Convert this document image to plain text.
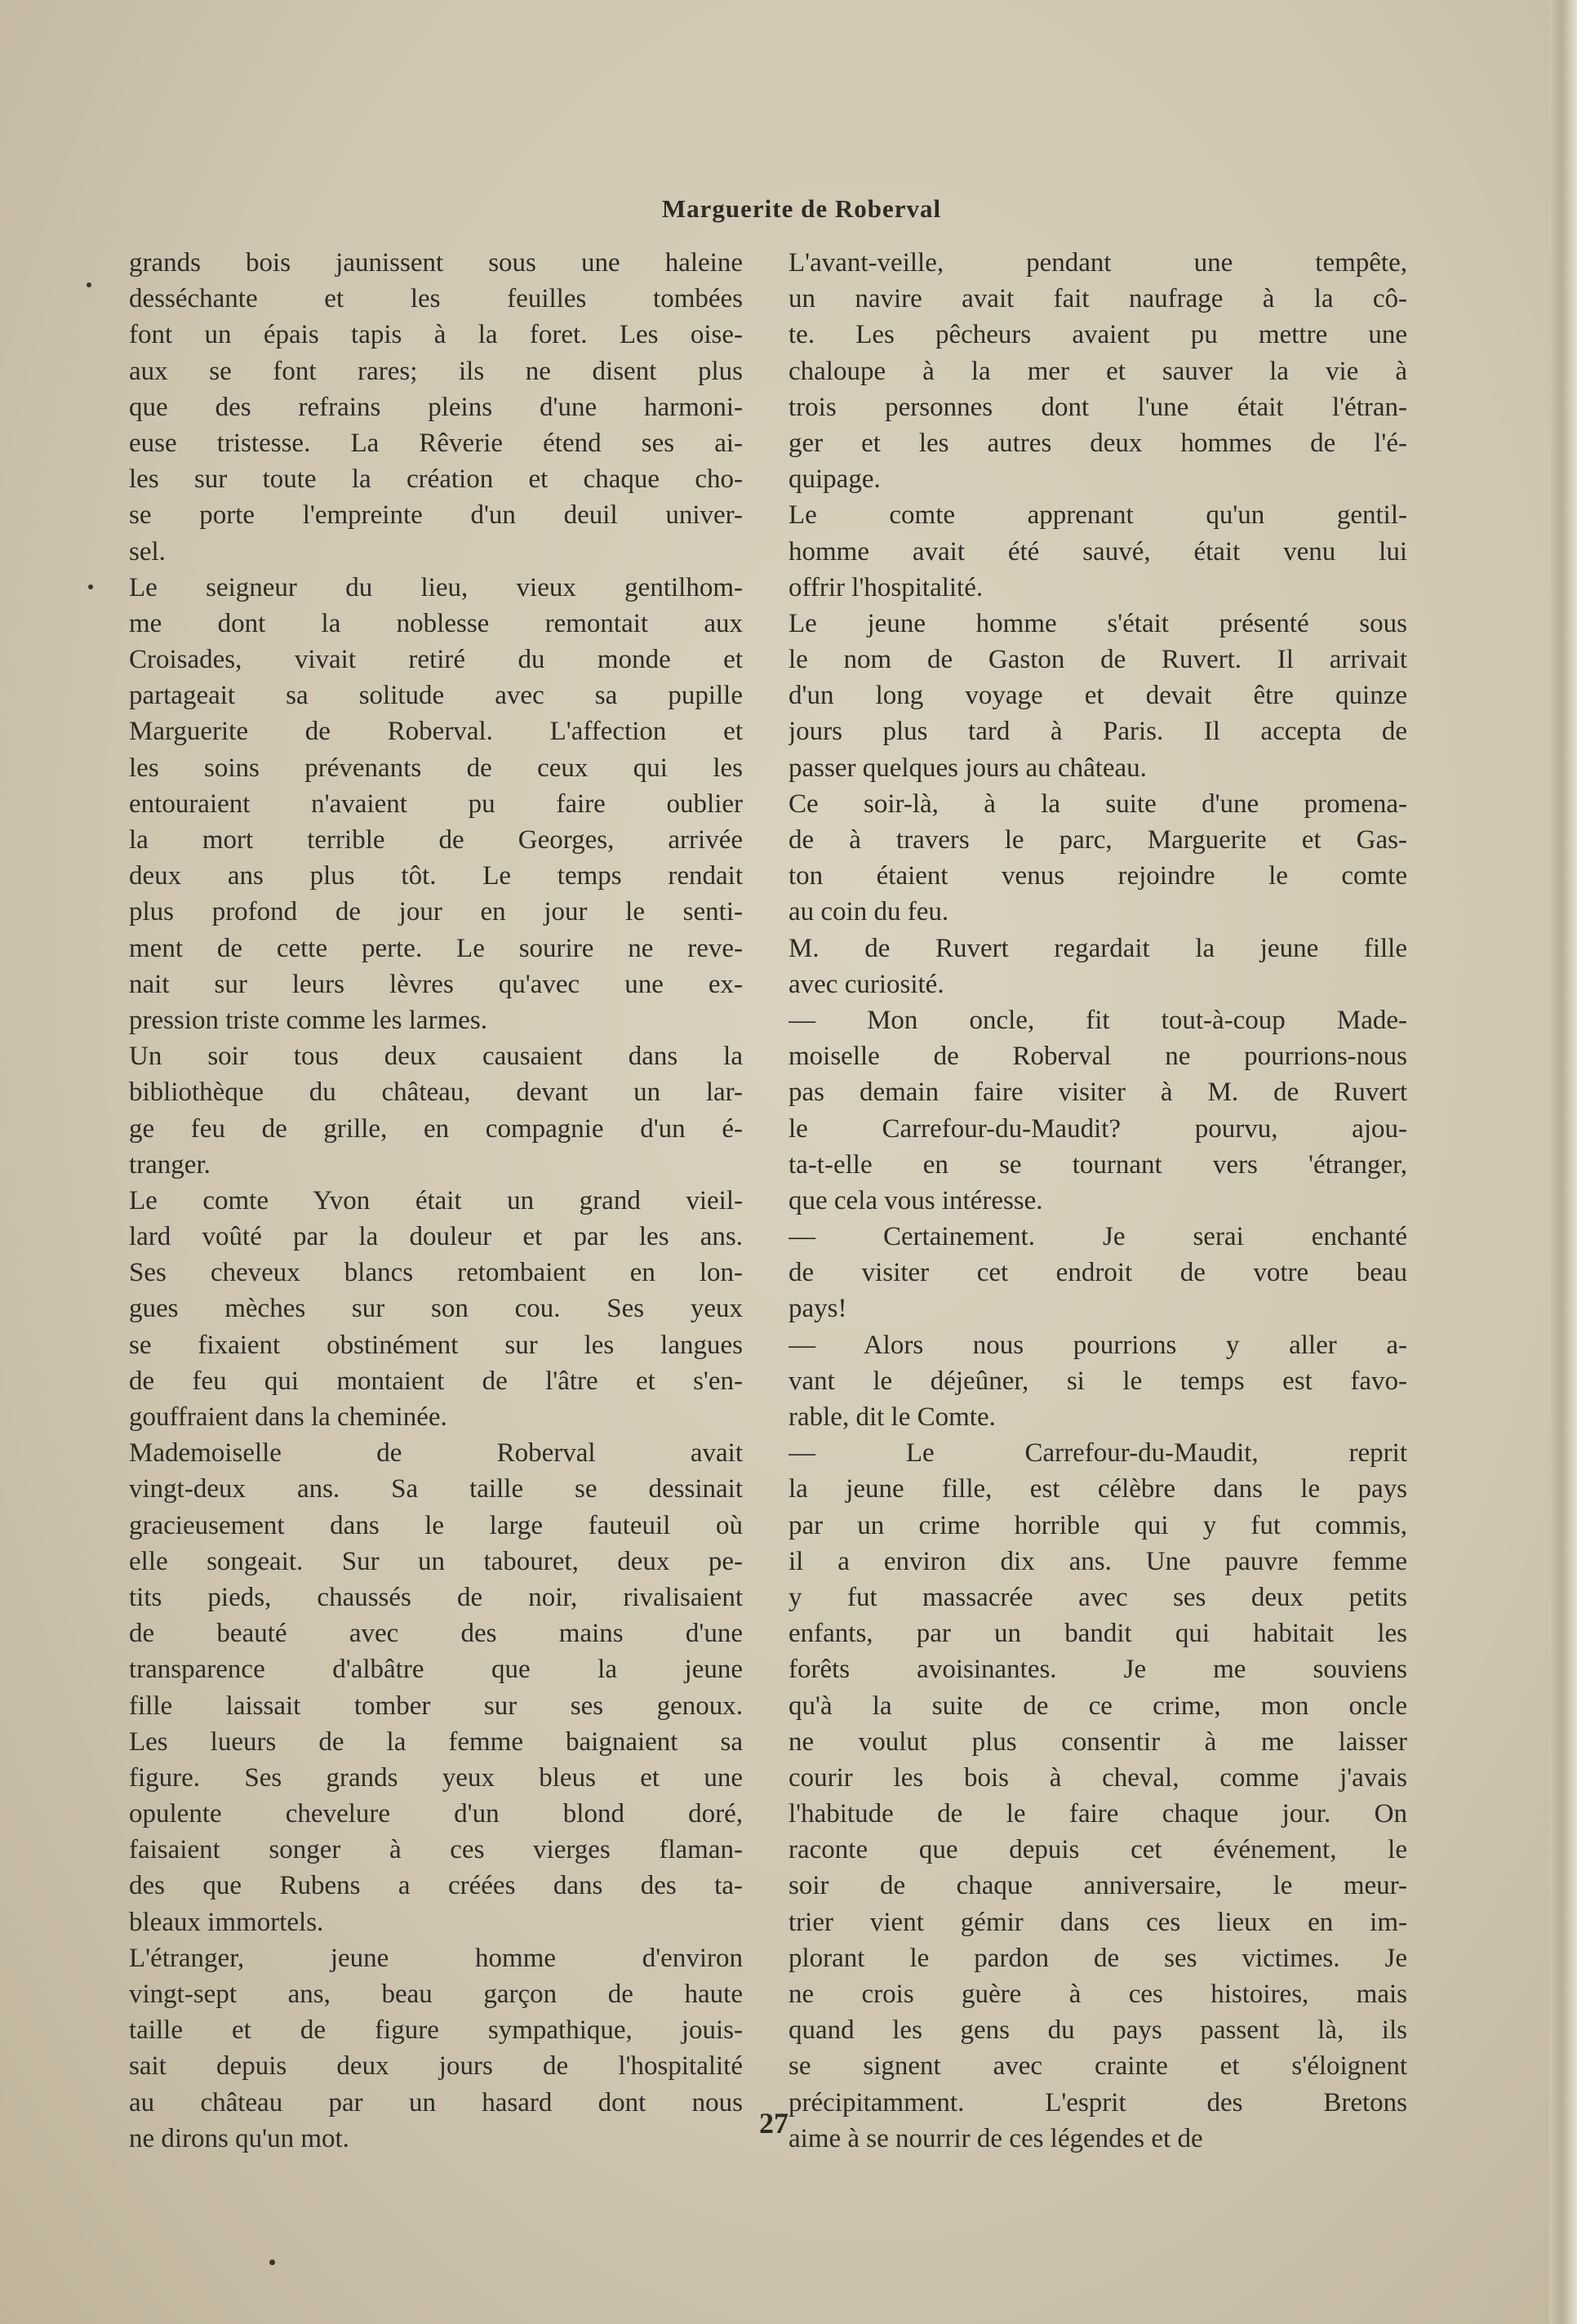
Marguerite de Roberval
grands bois jaunissent sous une haleine
desséchante et les feuilles tombées
font un épais tapis à la foret. Les oise-
aux se font rares; ils ne disent plus
que des refrains pleins d'une harmoni-
euse tristesse. La Rêverie étend ses ai-
les sur toute la création et chaque cho-
se porte l'empreinte d'un deuil univer-
sel.
Le seigneur du lieu, vieux gentilhom-
me dont la noblesse remontait aux
Croisades, vivait retiré du monde et
partageait sa solitude avec sa pupille
Marguerite de Roberval. L'affection et
les soins prévenants de ceux qui les
entouraient n'avaient pu faire oublier
la mort terrible de Georges, arrivée
deux ans plus tôt. Le temps rendait
plus profond de jour en jour le senti-
ment de cette perte. Le sourire ne reve-
nait sur leurs lèvres qu'avec une ex-
pression triste comme les larmes.
Un soir tous deux causaient dans la
bibliothèque du château, devant un lar-
ge feu de grille, en compagnie d'un é-
tranger.
Le comte Yvon était un grand vieil-
lard voûté par la douleur et par les ans.
Ses cheveux blancs retombaient en lon-
gues mèches sur son cou. Ses yeux
se fixaient obstinément sur les langues
de feu qui montaient de l'âtre et s'en-
gouffraient dans la cheminée.
Mademoiselle de Roberval avait
vingt-deux ans. Sa taille se dessinait
gracieusement dans le large fauteuil où
elle songeait. Sur un tabouret, deux pe-
tits pieds, chaussés de noir, rivalisaient
de beauté avec des mains d'une
transparence d'albâtre que la jeune
fille laissait tomber sur ses genoux.
Les lueurs de la femme baignaient sa
figure. Ses grands yeux bleus et une
opulente chevelure d'un blond doré,
faisaient songer à ces vierges flaman-
des que Rubens a créées dans des ta-
bleaux immortels.
L'étranger, jeune homme d'environ
vingt-sept ans, beau garçon de haute
taille et de figure sympathique, jouis-
sait depuis deux jours de l'hospitalité
au château par un hasard dont nous
ne dirons qu'un mot.
L'avant-veille, pendant une tempête,
un navire avait fait naufrage à la cô-
te. Les pêcheurs avaient pu mettre une
chaloupe à la mer et sauver la vie à
trois personnes dont l'une était l'étran-
ger et les autres deux hommes de l'é-
quipage.
Le comte apprenant qu'un gentil-
homme avait été sauvé, était venu lui
offrir l'hospitalité.
Le jeune homme s'était présenté sous
le nom de Gaston de Ruvert. Il arrivait
d'un long voyage et devait être quinze
jours plus tard à Paris. Il accepta de
passer quelques jours au château.
Ce soir-là, à la suite d'une promena-
de à travers le parc, Marguerite et Gas-
ton étaient venus rejoindre le comte
au coin du feu.
M. de Ruvert regardait la jeune fille
avec curiosité.
— Mon oncle, fit tout-à-coup Made-
moiselle de Roberval ne pourrions-nous
pas demain faire visiter à M. de Ruvert
le Carrefour-du-Maudit? pourvu, ajou-
ta-t-elle en se tournant vers 'étranger,
que cela vous intéresse.
— Certainement. Je serai enchanté
de visiter cet endroit de votre beau
pays!
— Alors nous pourrions y aller a-
vant le déjeûner, si le temps est favo-
rable, dit le Comte.
— Le Carrefour-du-Maudit, reprit
la jeune fille, est célèbre dans le pays
par un crime horrible qui y fut commis,
il a environ dix ans. Une pauvre femme
y fut massacrée avec ses deux petits
enfants, par un bandit qui habitait les
forêts avoisinantes. Je me souviens
qu'à la suite de ce crime, mon oncle
ne voulut plus consentir à me laisser
courir les bois à cheval, comme j'avais
l'habitude de le faire chaque jour. On
raconte que depuis cet événement, le
soir de chaque anniversaire, le meur-
trier vient gémir dans ces lieux en im-
plorant le pardon de ses victimes. Je
ne crois guère à ces histoires, mais
quand les gens du pays passent là, ils
se signent avec crainte et s'éloignent
précipitamment. L'esprit des Bretons
aime à se nourrir de ces légendes et de
27
